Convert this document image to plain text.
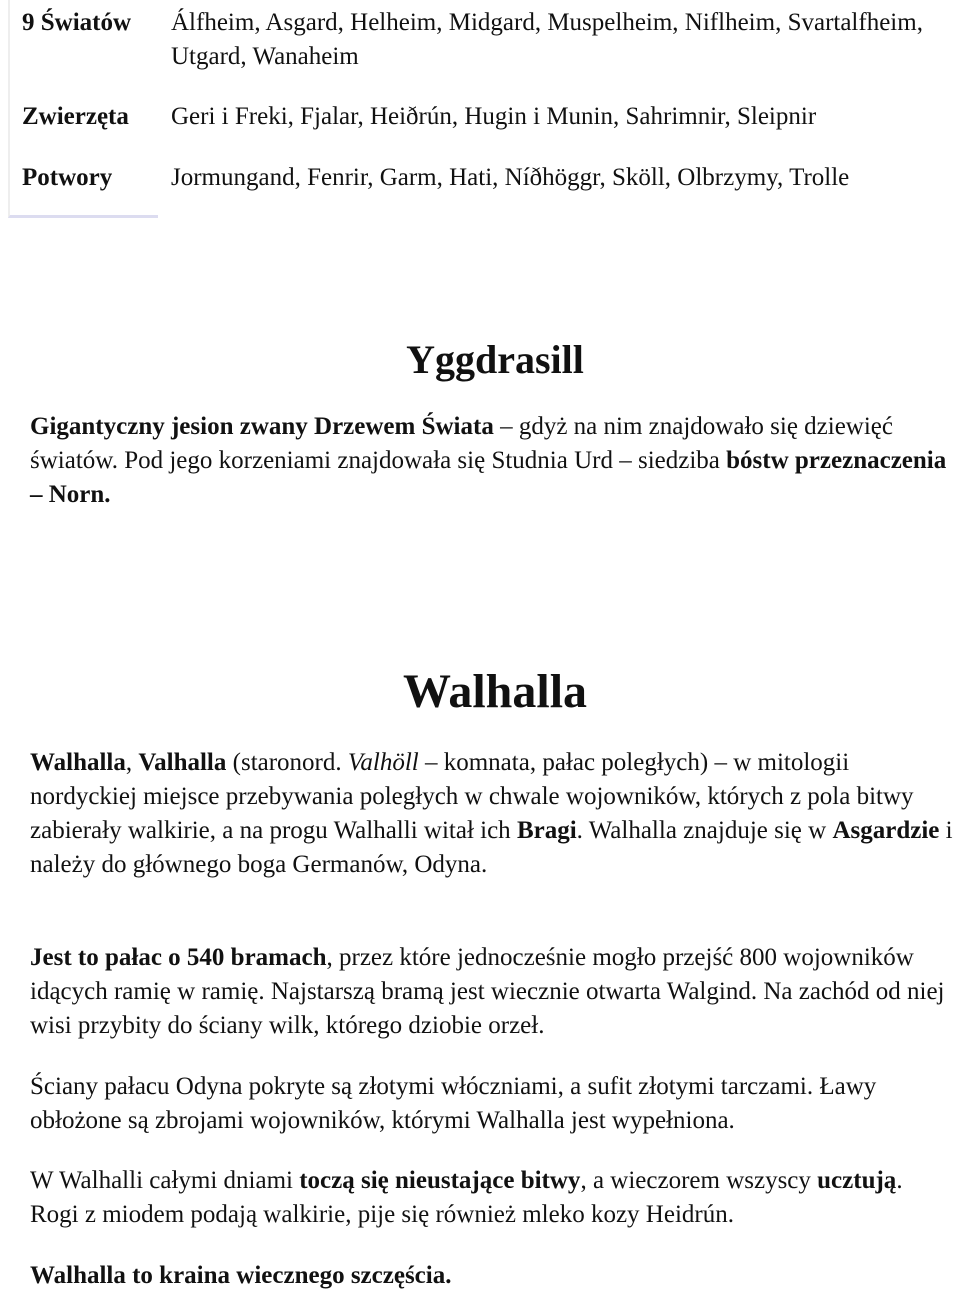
9 Światów Álfheim, Asgard, Helheim, Midgard, Muspelheim, Niflheim, Svartalfheim, Utgard, Wanaheim
Zwierzęta Geri i Freki, Fjalar, Heiðrún, Hugin i Munin, Sahrimnir, Sleipnir
Potwory Jormungand, Fenrir, Garm, Hati, Níðhöggr, Sköll, Olbrzymy, Trolle
Yggdrasill
Gigantyczny jesion zwany Drzewem Świata – gdyż na nim znajdowało się dziewięć światów. Pod jego korzeniami znajdowała się Studnia Urd – siedziba bóstw przeznaczenia – Norn.
Walhalla
Walhalla, Valhalla (staronord. Valhöll – komnata, pałac poległych) – w mitologii nordyckiej miejsce przebywania poległych w chwale wojowników, których z pola bitwy zabierały walkirie, a na progu Walhalli witał ich Bragi. Walhalla znajduje się w Asgardzie i należy do głównego boga Germanów, Odyna.
Jest to pałac o 540 bramach, przez które jednocześnie mogło przejść 800 wojowników idących ramię w ramię. Najstarszą bramą jest wiecznie otwarta Walgind. Na zachód od niej wisi przybity do ściany wilk, którego dziobie orzeł.
Ściany pałacu Odyna pokryte są złotymi włóczniami, a sufit złotymi tarczami. Ławy obłożone są zbrojami wojowników, którymi Walhalla jest wypełniona.
W Walhalli całymi dniami toczą się nieustające bitwy, a wieczorem wszyscy ucztują. Rogi z miodem podają walkirie, pije się również mleko kozy Heidrún.
Walhalla to kraina wiecznego szczęścia.
